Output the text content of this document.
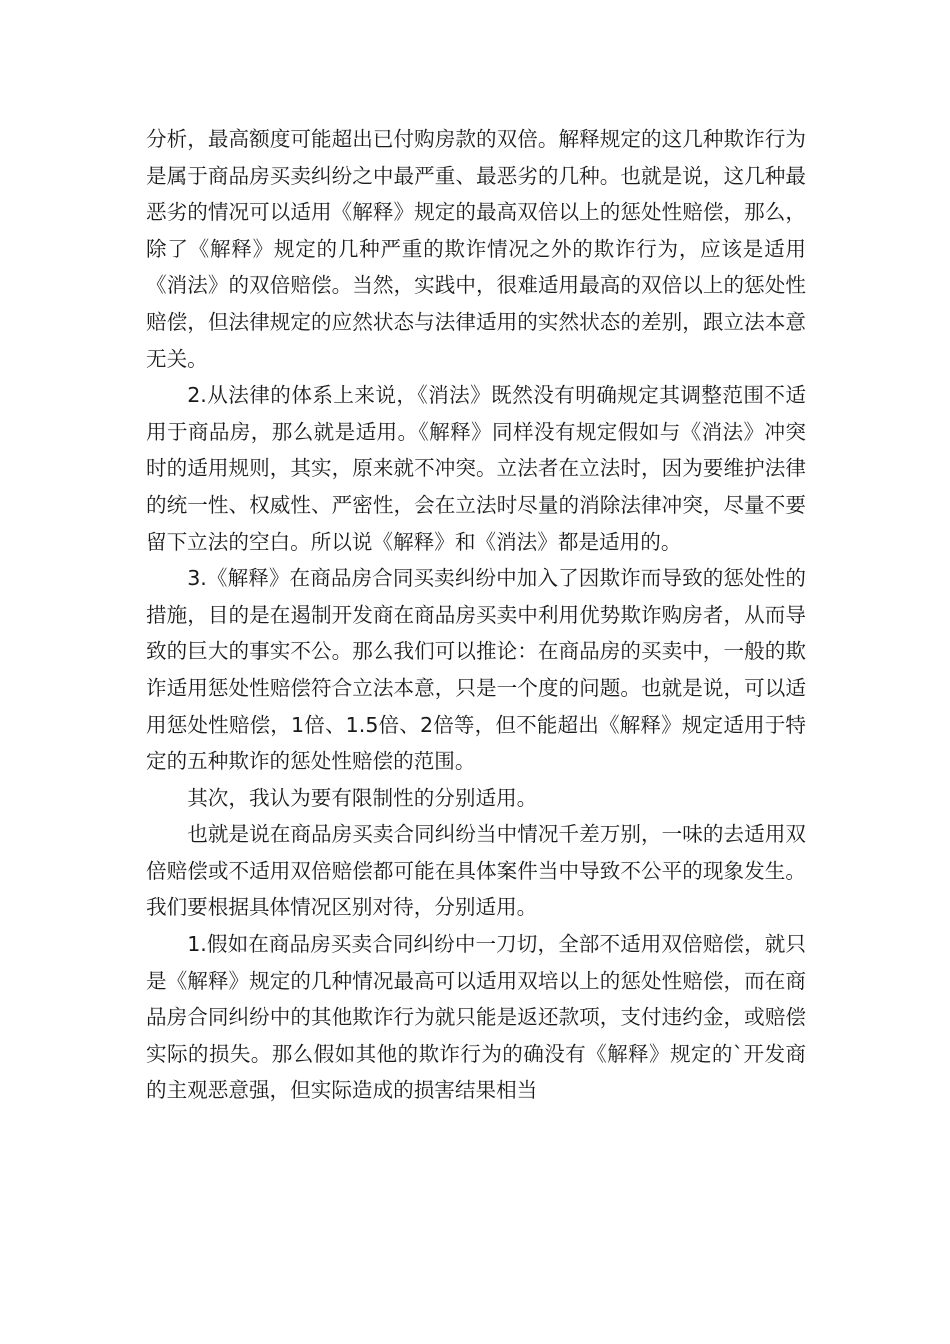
分析，最高额度可能超出已付购房款的双倍。解释规定的这几种欺诈行为是属于商品房买卖纠纷之中最严重、最恶劣的几种。也就是说，这几种最恶劣的情况可以适用《解释》规定的最高双倍以上的惩处性赔偿，那么，除了《解释》规定的几种严重的欺诈情况之外的欺诈行为，应该是适用《消法》的双倍赔偿。当然，实践中，很难适用最高的双倍以上的惩处性赔偿，但法律规定的应然状态与法律适用的实然状态的差别，跟立法本意无关。

2.从法律的体系上来说，《消法》既然没有明确规定其调整范围不适用于商品房，那么就是适用。《解释》同样没有规定假如与《消法》冲突时的适用规则，其实，原来就不冲突。立法者在立法时，因为要维护法律的统一性、权威性、严密性，会在立法时尽量的消除法律冲突，尽量不要留下立法的空白。所以说《解释》和《消法》都是适用的。

3.《解释》在商品房合同买卖纠纷中加入了因欺诈而导致的惩处性的措施，目的是在遏制开发商在商品房买卖中利用优势欺诈购房者，从而导致的巨大的事实不公。那么我们可以推论：在商品房的买卖中，一般的欺诈适用惩处性赔偿符合立法本意，只是一个度的问题。也就是说，可以适用惩处性赔偿，1倍、1.5倍、2倍等，但不能超出《解释》规定适用于特定的五种欺诈的惩处性赔偿的范围。

其次，我认为要有限制性的分别适用。

也就是说在商品房买卖合同纠纷当中情况千差万别，一味的去适用双倍赔偿或不适用双倍赔偿都可能在具体案件当中导致不公平的现象发生。我们要根据具体情况区别对待，分别适用。

1.假如在商品房买卖合同纠纷中一刀切，全部不适用双倍赔偿，就只是《解释》规定的几种情况最高可以适用双培以上的惩处性赔偿，而在商品房合同纠纷中的其他欺诈行为就只能是返还款项，支付违约金，或赔偿实际的损失。那么假如其他的欺诈行为的确没有《解释》规定的`开发商的主观恶意强，但实际造成的损害结果相当
